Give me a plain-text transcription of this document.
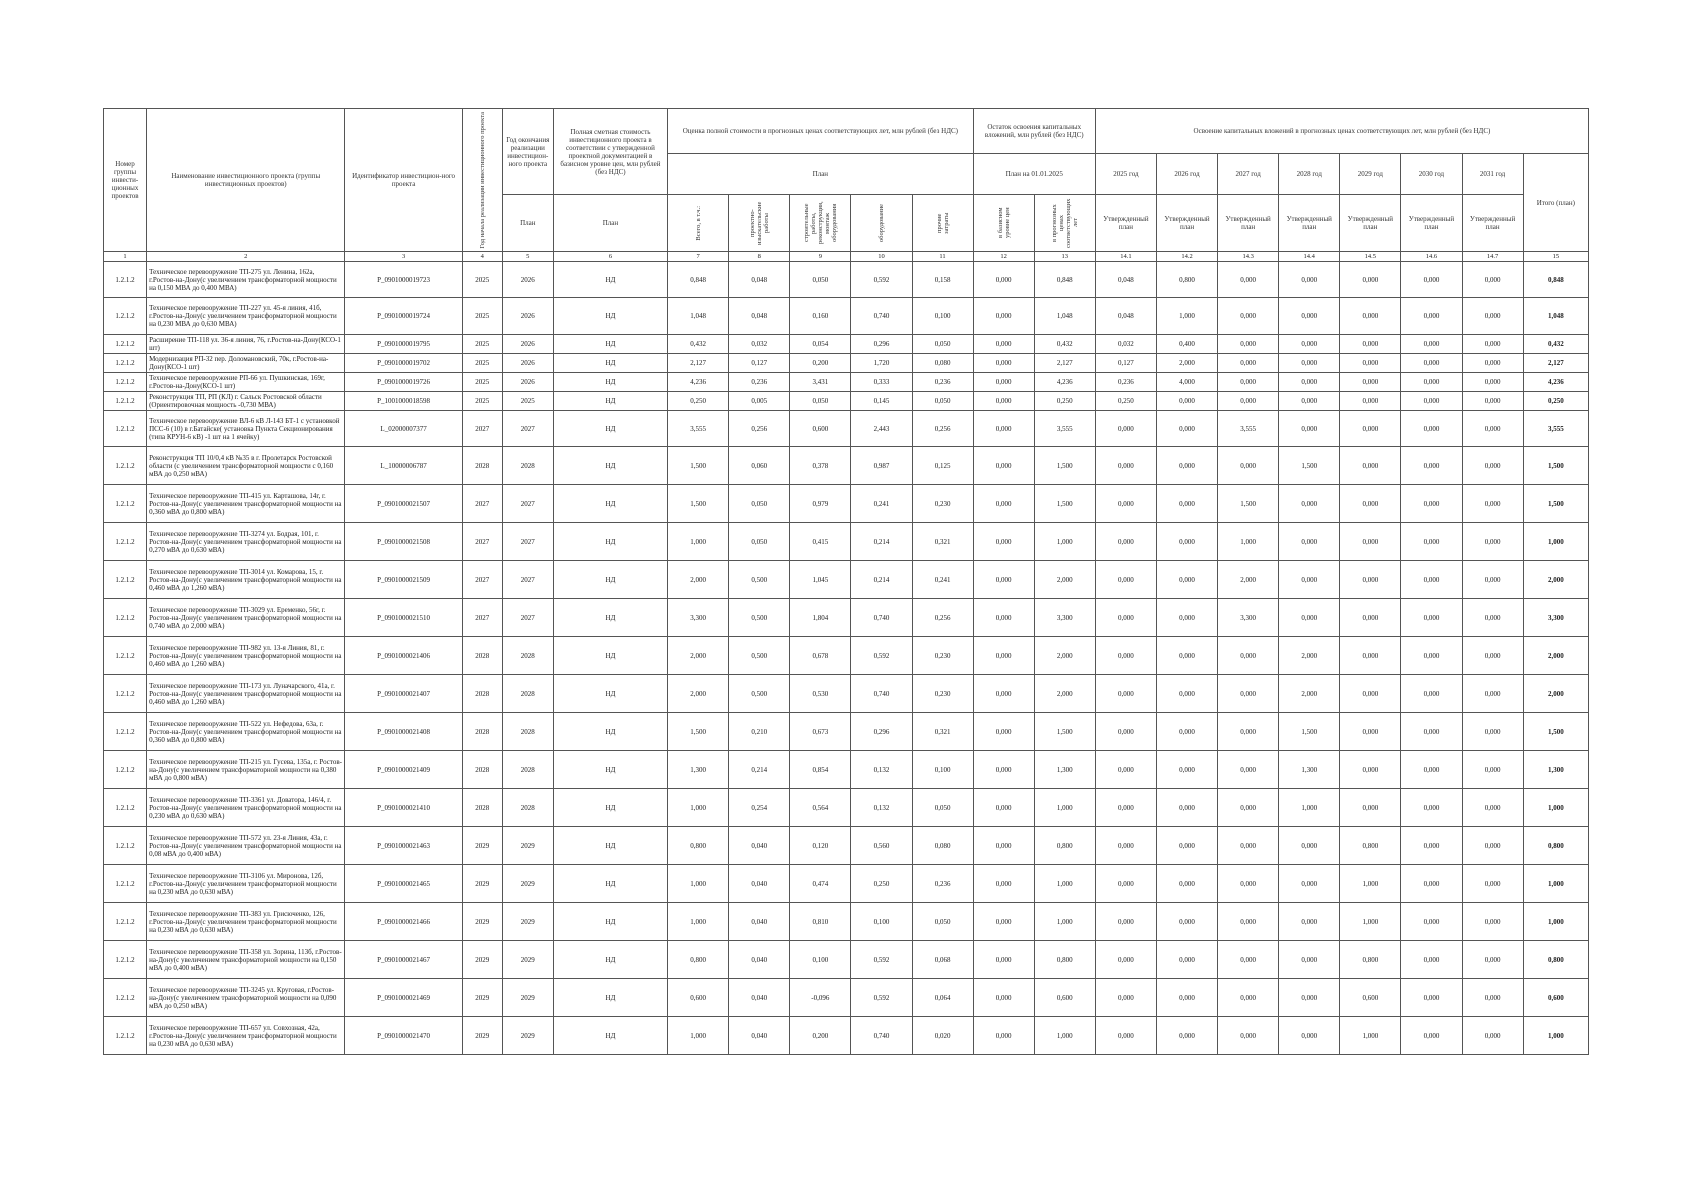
Номер группы инвести-ционных проектов	Наименование инвестиционного проекта (группы инвестиционных проектов)	Идентификатор инвестицион-ного проекта	Год начала реализации инвестиционного проекта	Год окончания реализации инвестицион-ного проекта	Полная сметная стоимость инвестиционного проекта в соответствии с утвержденной проектной документацией в базисном уровне цен, млн рублей (без НДС)	Оценка полной стоимости в прогнозных ценах соответствующих лет, млн рублей (без НДС)					Остаток освоения капитальных вложений, млн рублей (без НДС)		Освоение капитальных вложений в прогнозных ценах соответствующих лет, млн рублей (без НДС)							
						План					План на 01.01.2025		2025 год	2026 год	2027 год	2028 год	2029 год	2030 год	2031 год	Итого (план)
				План	План	Всего, в т.ч.:	проектно-изыскательские работы	строительные работы, реконструкция, монтаж оборудования	оборудование	прочие затраты	в базисном уровне цен	в прогнозных ценах соответствующих лет	Утвержденный план	Утвержденный план	Утвержденный план	Утвержденный план	Утвержденный план	Утвержденный план	Утвержденный план	
1	2	3	4	5	6	7	8	9	10	11	12	13	14.1	14.2	14.3	14.4	14.5	14.6	14.7	15
1.2.1.2	Техническое перевооружение ТП-275 ул. Ленина, 162а, г.Ростов-на-Дону(с увеличением трансформаторной мощности на 0,150 МВА до 0,400 МВА)	P_0901000019723	2025	2026	НД	0,848	0,048	0,050	0,592	0,158	0,000	0,848	0,048	0,800	0,000	0,000	0,000	0,000	0,000	0,848
1.2.1.2	Техническое перевооружение ТП-227 ул. 45-я линия, 41б, г.Ростов-на-Дону(с увеличением трансформаторной мощности на 0,230 МВА до 0,630 МВА)	P_0901000019724	2025	2026	НД	1,048	0,048	0,160	0,740	0,100	0,000	1,048	0,048	1,000	0,000	0,000	0,000	0,000	0,000	1,048
1.2.1.2	Расширение ТП-118 ул. 36-я линия, 76, г.Ростов-на-Дону(КСО-1 шт)	P_0901000019795	2025	2026	НД	0,432	0,032	0,054	0,296	0,050	0,000	0,432	0,032	0,400	0,000	0,000	0,000	0,000	0,000	0,432
1.2.1.2	Модернизация РП-32 пер. Доломановский, 70к, г.Ростов-на-Дону(КСО-1 шт)	P_0901000019702	2025	2026	НД	2,127	0,127	0,200	1,720	0,080	0,000	2,127	0,127	2,000	0,000	0,000	0,000	0,000	0,000	2,127
1.2.1.2	Техническое перевооружение РП-66 ул. Пушкинская, 169г, г.Ростов-на-Дону(КСО-1 шт)	P_0901000019726	2025	2026	НД	4,236	0,236	3,431	0,333	0,236	0,000	4,236	0,236	4,000	0,000	0,000	0,000	0,000	0,000	4,236
1.2.1.2	Реконструкция ТП, РП (КЛ) г. Сальск Ростовской области (Ориентировочная мощность -0,730 МВА)	P_1001000018598	2025	2025	НД	0,250	0,005	0,050	0,145	0,050	0,000	0,250	0,250	0,000	0,000	0,000	0,000	0,000	0,000	0,250
1.2.1.2	Техническое перевооружение ВЛ-6 кВ Л-143 БТ-1 с установкой ПСС-6 (10) в г.Батайске( установка Пункта Секционирования (типа КРУН-6 кВ) -1 шт на 1 ячейку)	L_02000007377	2027	2027	НД	3,555	0,256	0,600	2,443	0,256	0,000	3,555	0,000	0,000	3,555	0,000	0,000	0,000	0,000	3,555
1.2.1.2	Реконструкция ТП 10/0,4 кВ №35 в г. Пролетарск Ростовской области (с увеличением трансформаторной мощности с 0,160 мВА до 0,250 мВА)	L_10000006787	2028	2028	НД	1,500	0,060	0,378	0,987	0,125	0,000	1,500	0,000	0,000	0,000	1,500	0,000	0,000	0,000	1,500
1.2.1.2	Техническое перевооружение ТП-415 ул. Карташова, 14г, г. Ростов-на-Дону(с увеличением трансформаторной мощности на 0,360 мВА до 0,800 мВА)	P_0901000021507	2027	2027	НД	1,500	0,050	0,979	0,241	0,230	0,000	1,500	0,000	0,000	1,500	0,000	0,000	0,000	0,000	1,500
1.2.1.2	Техническое перевооружение ТП-3274 ул. Бодрая, 101, г. Ростов-на-Дону(с увеличением трансформаторной мощности на 0,270 мВА до 0,630 мВА)	P_0901000021508	2027	2027	НД	1,000	0,050	0,415	0,214	0,321	0,000	1,000	0,000	0,000	1,000	0,000	0,000	0,000	0,000	1,000
1.2.1.2	Техническое перевооружение ТП-3014 ул. Комарова, 15, г. Ростов-на-Дону(с увеличением трансформаторной мощности на 0,460 мВА до 1,260 мВА)	P_0901000021509	2027	2027	НД	2,000	0,500	1,045	0,214	0,241	0,000	2,000	0,000	0,000	2,000	0,000	0,000	0,000	0,000	2,000
1.2.1.2	Техническое перевооружение ТП-3029 ул. Еременко, 56г, г. Ростов-на-Дону(с увеличением трансформаторной мощности на 0,740 мВА до 2,000 мВА)	P_0901000021510	2027	2027	НД	3,300	0,500	1,804	0,740	0,256	0,000	3,300	0,000	0,000	3,300	0,000	0,000	0,000	0,000	3,300
1.2.1.2	Техническое перевооружение ТП-982 ул. 13-я Линия, 81, г. Ростов-на-Дону(с увеличением трансформаторной мощности на 0,460 мВА до 1,260 мВА)	P_0901000021406	2028	2028	НД	2,000	0,500	0,678	0,592	0,230	0,000	2,000	0,000	0,000	0,000	2,000	0,000	0,000	0,000	2,000
1.2.1.2	Техническое перевооружение ТП-173 ул. Луначарского, 41а, г. Ростов-на-Дону(с увеличением трансформаторной мощности на 0,460 мВА до 1,260 мВА)	P_0901000021407	2028	2028	НД	2,000	0,500	0,530	0,740	0,230	0,000	2,000	0,000	0,000	0,000	2,000	0,000	0,000	0,000	2,000
1.2.1.2	Техническое перевооружение ТП-522 ул. Нефедова, 63а, г. Ростов-на-Дону(с увеличением трансформаторной мощности на 0,360 мВА до 0,800 мВА)	P_0901000021408	2028	2028	НД	1,500	0,210	0,673	0,296	0,321	0,000	1,500	0,000	0,000	0,000	1,500	0,000	0,000	0,000	1,500
1.2.1.2	Техническое перевооружение ТП-215 ул. Гусева, 135а, г. Ростов-на-Дону(с увеличением трансформаторной мощности на 0,380 мВА до 0,800 мВА)	P_0901000021409	2028	2028	НД	1,300	0,214	0,854	0,132	0,100	0,000	1,300	0,000	0,000	0,000	1,300	0,000	0,000	0,000	1,300
1.2.1.2	Техническое перевооружение ТП-3361 ул. Доватора, 146/4, г. Ростов-на-Дону(с увеличением трансформаторной мощности на 0,230 мВА до 0,630 мВА)	P_0901000021410	2028	2028	НД	1,000	0,254	0,564	0,132	0,050	0,000	1,000	0,000	0,000	0,000	1,000	0,000	0,000	0,000	1,000
1.2.1.2	Техническое перевооружение ТП-572 ул. 23-я Линия, 43а, г. Ростов-на-Дону(с увеличением трансформаторной мощности на 0,08 мВА до 0,400 мВА)	P_0901000021463	2029	2029	НД	0,800	0,040	0,120	0,560	0,080	0,000	0,800	0,000	0,000	0,000	0,000	0,800	0,000	0,000	0,800
1.2.1.2	Техническое перевооружение ТП-3106 ул. Миронова, 12б, г.Ростов-на-Дону(с увеличением трансформаторной мощности на 0,230 мВА до 0,630 мВА)	P_0901000021465	2029	2029	НД	1,000	0,040	0,474	0,250	0,236	0,000	1,000	0,000	0,000	0,000	0,000	1,000	0,000	0,000	1,000
1.2.1.2	Техническое перевооружение ТП-383 ул. Грисюченко, 126, г.Ростов-на-Дону(с увеличением трансформаторной мощности на 0,230 мВА до 0,630 мВА)	P_0901000021466	2029	2029	НД	1,000	0,040	0,810	0,100	0,050	0,000	1,000	0,000	0,000	0,000	0,000	1,000	0,000	0,000	1,000
1.2.1.2	Техническое перевооружение ТП-358 ул. Зорина, 113б, г.Ростов-на-Дону(с увеличением трансформаторной мощности на 0,150 мВА до 0,400 мВА)	P_0901000021467	2029	2029	НД	0,800	0,040	0,100	0,592	0,068	0,000	0,800	0,000	0,000	0,000	0,000	0,800	0,000	0,000	0,800
1.2.1.2	Техническое перевооружение ТП-3245 ул. Круговая, г.Ростов-на-Дону(с увеличением трансформаторной мощности на 0,090 мВА до 0,250 мВА)	P_0901000021469	2029	2029	НД	0,600	0,040	-0,096	0,592	0,064	0,000	0,600	0,000	0,000	0,000	0,000	0,600	0,000	0,000	0,600
1.2.1.2	Техническое перевооружение ТП-657 ул. Совхозная, 42а, г.Ростов-на-Дону(с увеличением трансформаторной мощности на 0,230 мВА до 0,630 мВА)	P_0901000021470	2029	2029	НД	1,000	0,040	0,200	0,740	0,020	0,000	1,000	0,000	0,000	0,000	0,000	1,000	0,000	0,000	1,000
